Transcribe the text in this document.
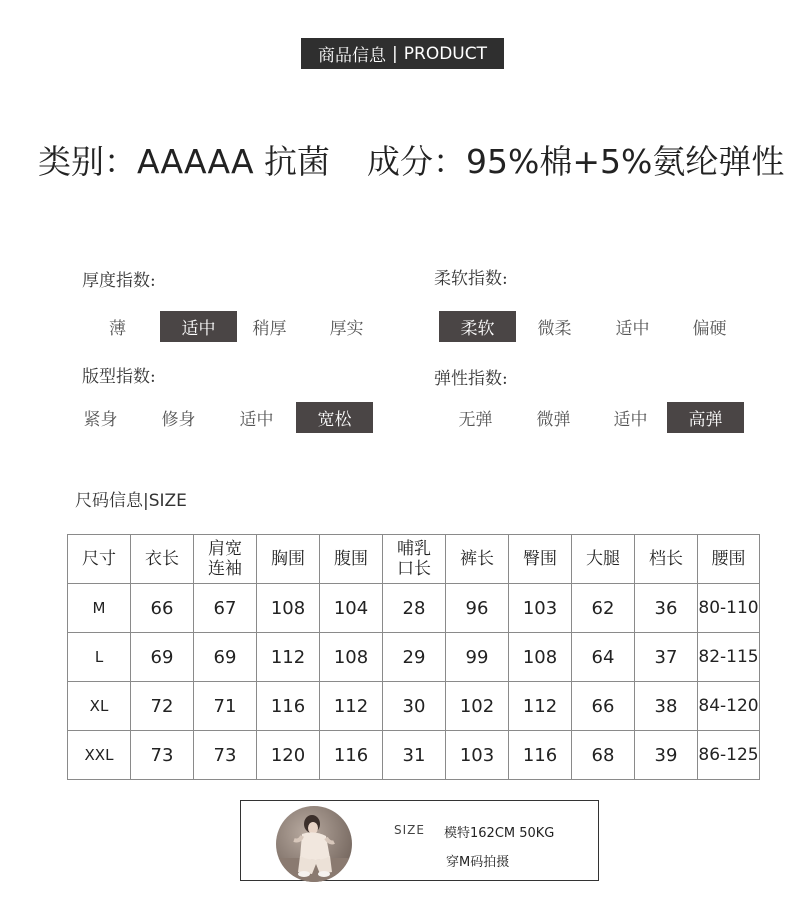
商品信息 | PRODUCT
类别：AAAAA 抗菌 成分：95%棉+5%氨纶弹性
厚度指数:
薄	适中	稍厚	厚实
柔软指数:
柔软	微柔	适中	偏硬
版型指数:
紧身	修身	适中	宽松
弹性指数:
无弹	微弹	适中	高弹
尺码信息|SIZE
尺寸	衣长	肩宽连袖	胸围	腹围	哺乳口长	裤长	臀围	大腿	档长	腰围
M	66	67	108	104	28	96	103	62	36	80-110
L	69	69	112	108	29	99	108	64	37	82-115
XL	72	71	116	112	30	102	112	66	38	84-120
XXL	73	73	120	116	31	103	116	68	39	86-125
SIZE 模特162CM 50KG
穿M码拍摄
